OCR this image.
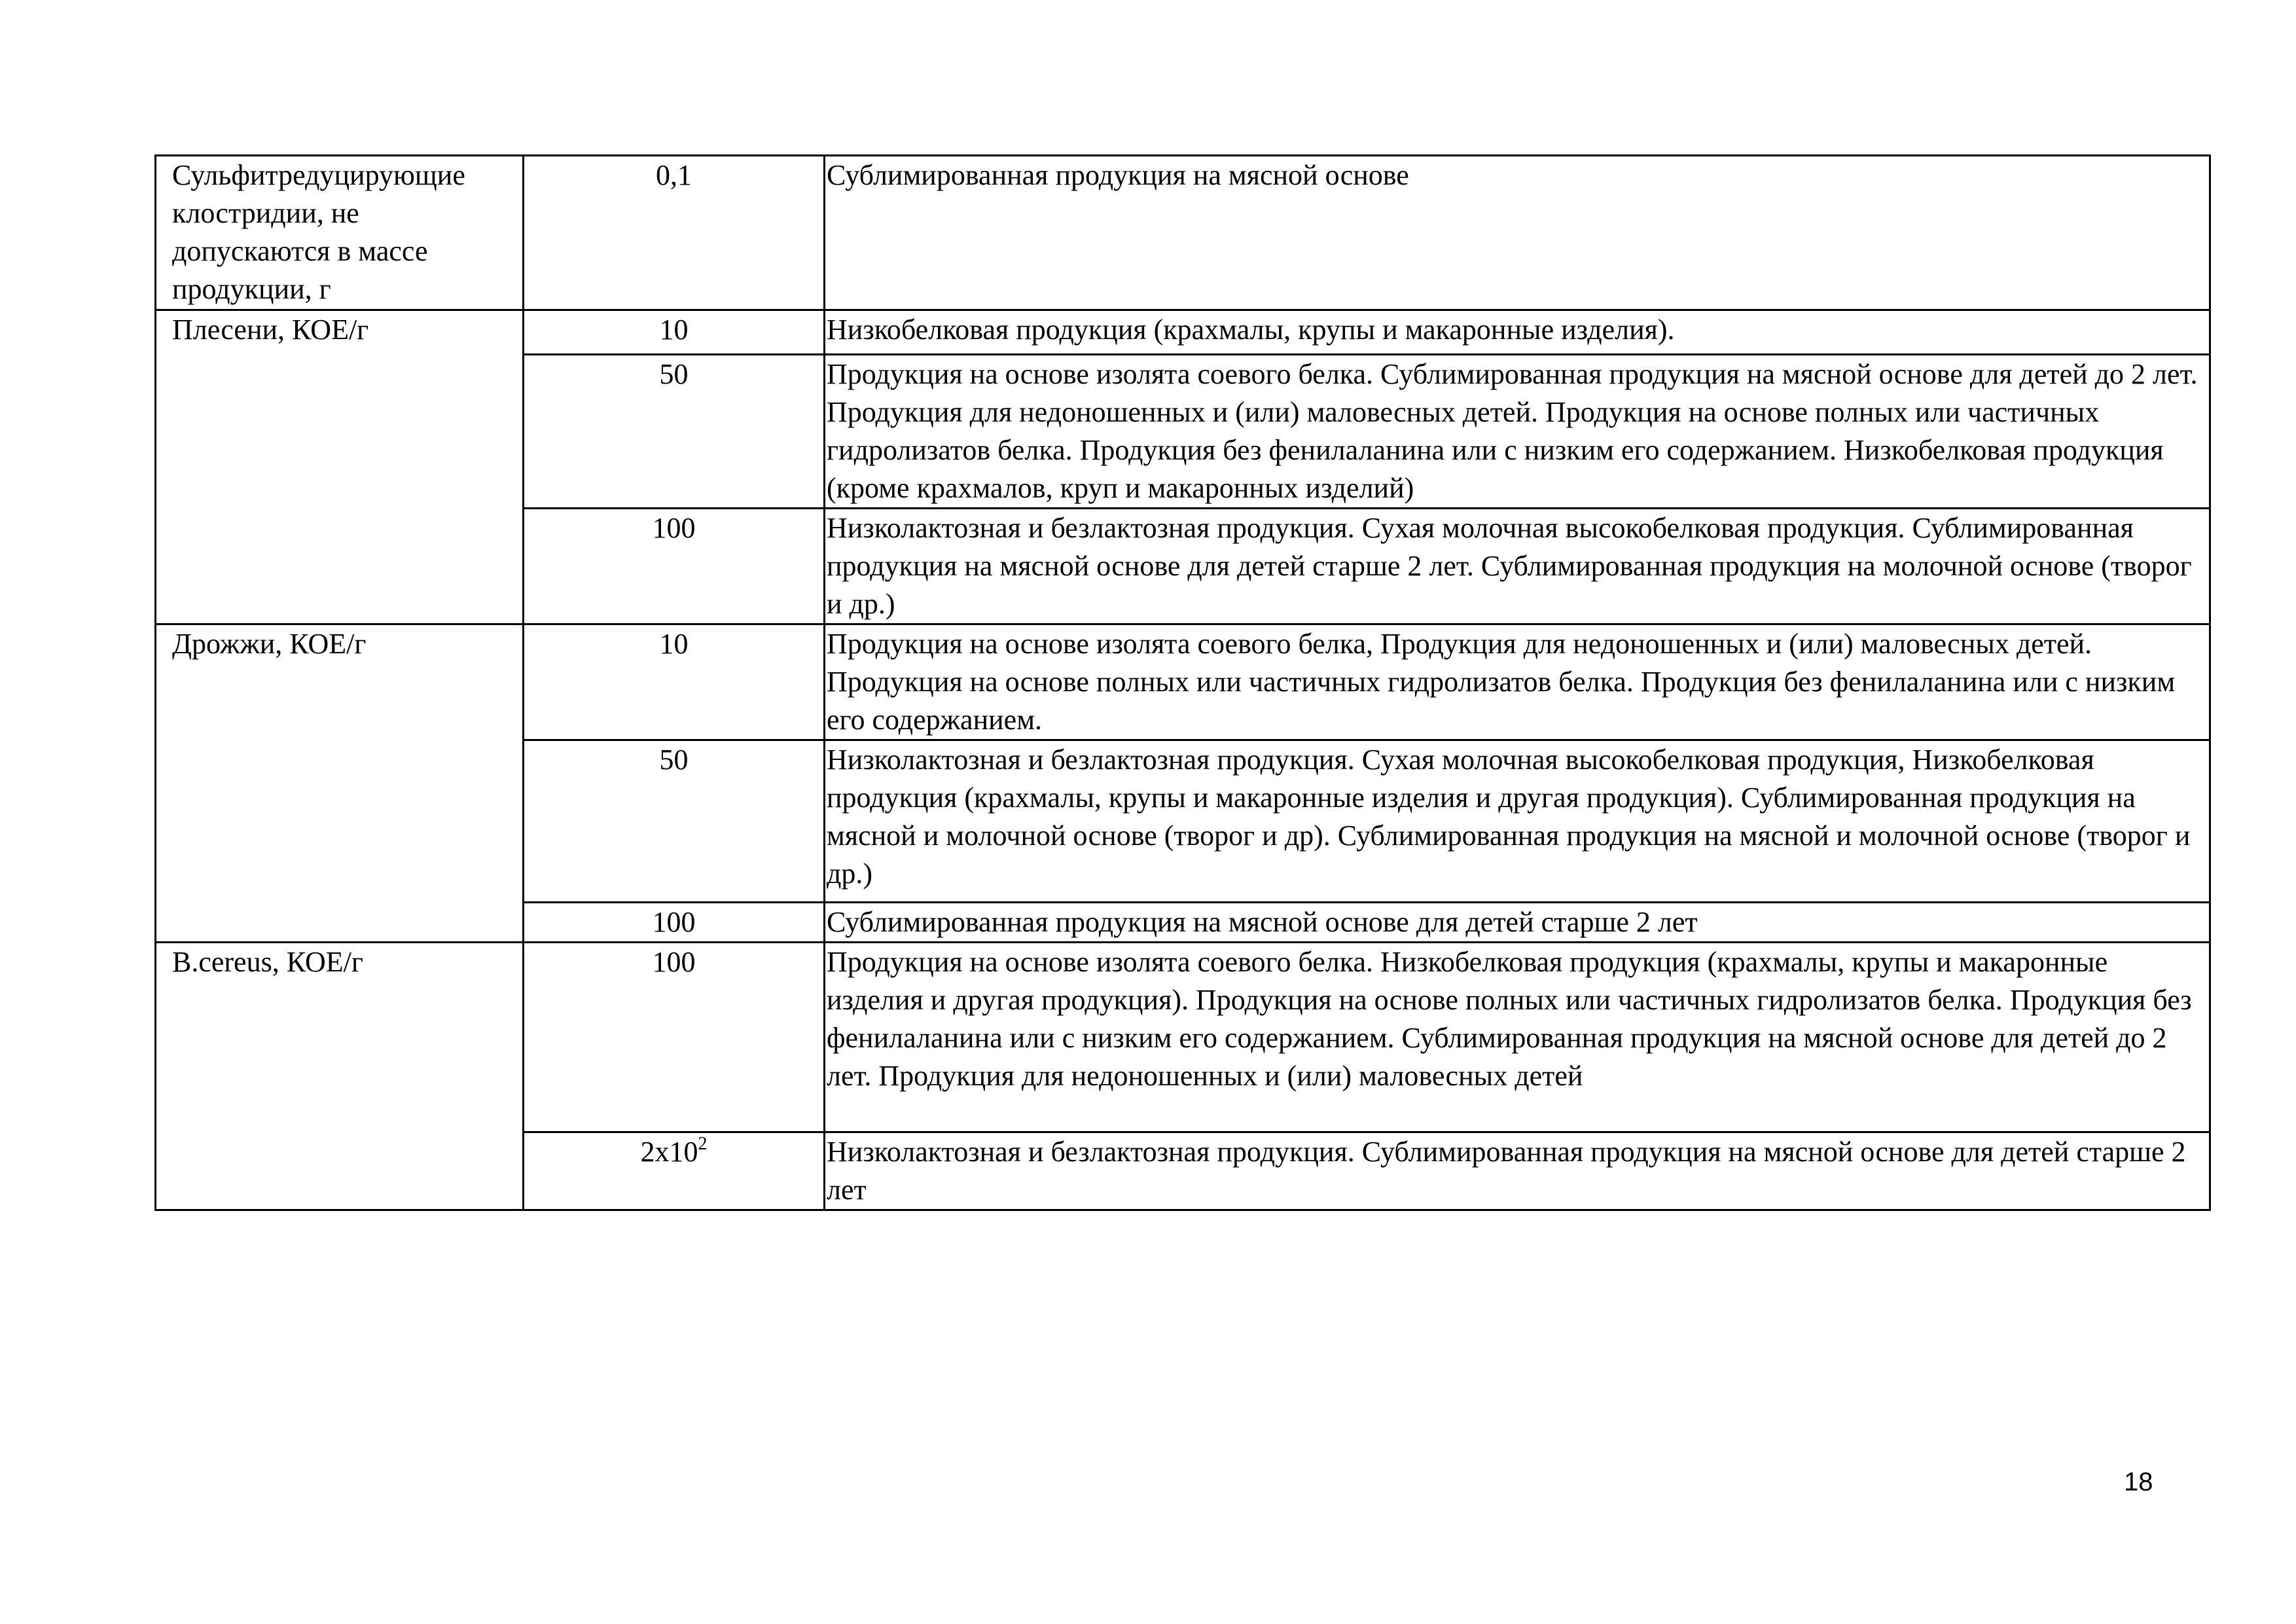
Сульфитредуцирующие клостридии, не допускаются в массе продукции, г	0,1	Сублимированная продукция на мясной основе
Плесени, КОЕ/г	10	Низкобелковая продукция (крахмалы, крупы и макаронные изделия).
	50	Продукция на основе изолята соевого белка. Сублимированная продукция на мясной основе для детей до 2 лет. Продукция для недоношенных и (или) маловесных детей. Продукция на основе полных или частичных гидролизатов белка. Продукция без фенилаланина или с низким его содержанием. Низкобелковая продукция (кроме крахмалов, круп и макаронных изделий)
	100	Низколактозная и безлактозная продукция. Сухая молочная высокобелковая продукция. Сублимированная продукция на мясной основе для детей старше 2 лет. Сублимированная продукция на молочной основе (творог и др.)
Дрожжи, КОЕ/г	10	Продукция на основе изолята соевого белка, Продукция для недоношенных и (или) маловесных детей. Продукция на основе полных или частичных гидролизатов белка. Продукция без фенилаланина или с низким его содержанием.
	50	Низколактозная и безлактозная продукция. Сухая молочная высокобелковая продукция, Низкобелковая продукция (крахмалы, крупы и макаронные изделия и другая продукция). Сублимированная продукция на мясной и молочной основе (творог и др). Сублимированная продукция на мясной и молочной основе (творог и др.)
	100	Сублимированная продукция на мясной основе для детей старше 2 лет
B.cereus, КОЕ/г	100	Продукция на основе изолята соевого белка. Низкобелковая продукция (крахмалы, крупы и макаронные изделия и другая продукция). Продукция на основе полных или частичных гидролизатов белка. Продукция без фенилаланина или с низким его содержанием. Сублимированная продукция на мясной основе для детей до 2 лет. Продукция для недоношенных и (или) маловесных детей
	$2x10^2$	Низколактозная и безлактозная продукция. Сублимированная продукция на мясной основе для детей старше 2 лет
18
